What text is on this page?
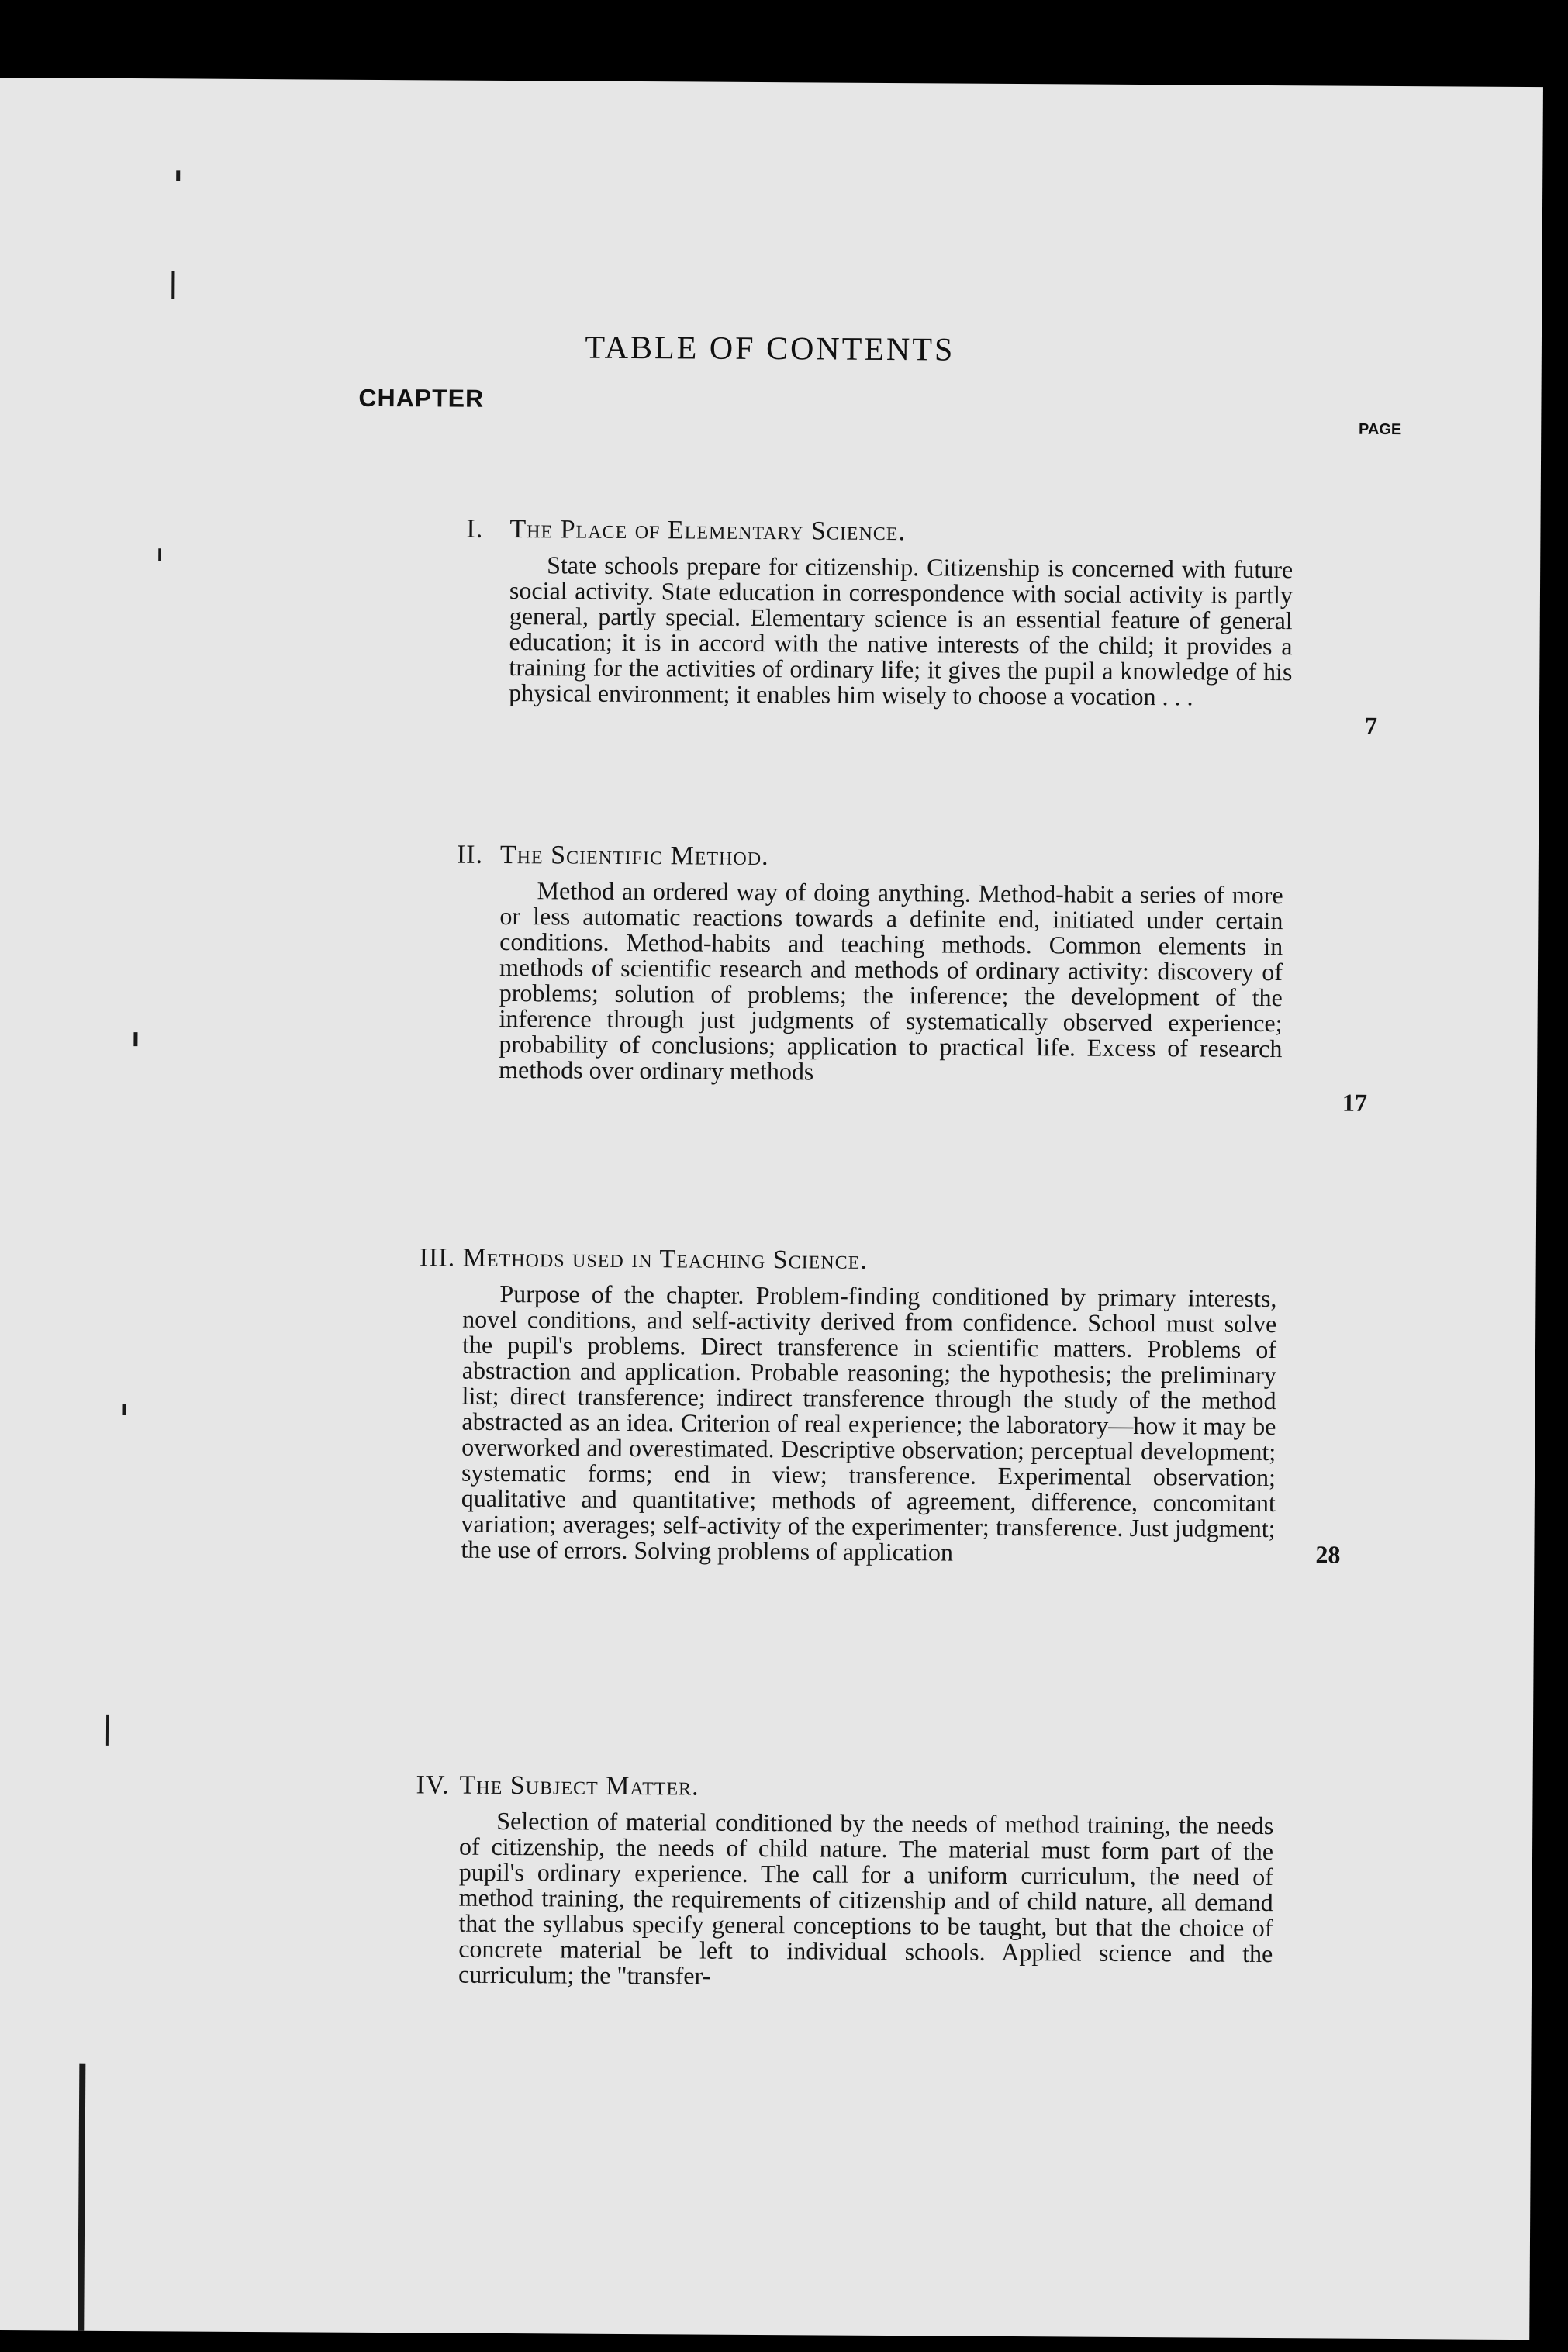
TABLE OF CONTENTS
CHAPTER
PAGE
I. The Place of Elementary Science.
State schools prepare for citizenship. Citizenship is concerned with future social activity. State education in correspondence with social activity is partly general, partly special. Elementary science is an essential feature of general education; it is in accord with the native interests of the child; it provides a training for the activities of ordinary life; it gives the pupil a knowledge of his physical environment; it enables him wisely to choose a vocation . . .
7
II. The Scientific Method.
Method an ordered way of doing anything. Method-habit a series of more or less automatic reactions towards a definite end, initiated under certain conditions. Method-habits and teaching methods. Common elements in methods of scientific research and methods of ordinary activity: discovery of problems; solution of problems; the inference; the development of the inference through just judgments of systematically observed experience; probability of conclusions; application to practical life. Excess of research methods over ordinary methods
17
III. Methods used in Teaching Science.
Purpose of the chapter. Problem-finding conditioned by primary interests, novel conditions, and self-activity derived from confidence. School must solve the pupil's problems. Direct transference in scientific matters. Problems of abstraction and application. Probable reasoning; the hypothesis; the preliminary list; direct transference; indirect transference through the study of the method abstracted as an idea. Criterion of real experience; the laboratory—how it may be overworked and overestimated. Descriptive observation; perceptual development; systematic forms; end in view; transference. Experimental observation; qualitative and quantitative; methods of agreement, difference, concomitant variation; averages; self-activity of the experimenter; transference. Just judgment; the use of errors. Solving problems of application	28
IV. The Subject Matter.
Selection of material conditioned by the needs of method training, the needs of citizenship, the needs of child nature. The material must form part of the pupil's ordinary experience. The call for a uniform curriculum, the need of method training, the requirements of citizenship and of child nature, all demand that the syllabus specify general conceptions to be taught, but that the choice of concrete material be left to individual schools. Applied science and the curriculum; the "transfer-
